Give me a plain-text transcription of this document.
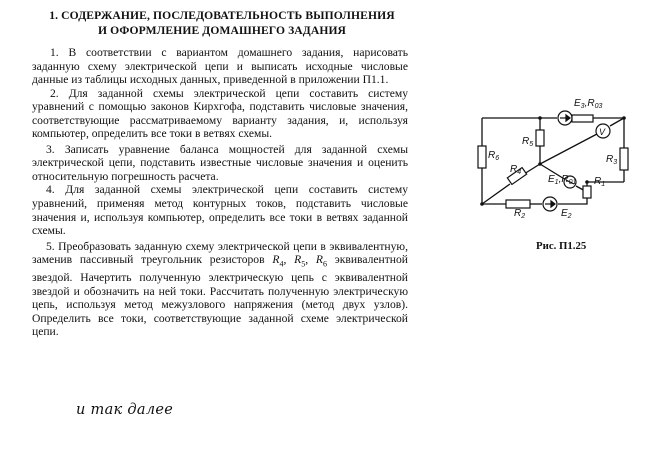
1. СОДЕРЖАНИЕ, ПОСЛЕДОВАТЕЛЬНОСТЬ ВЫПОЛНЕНИЯ
И ОФОРМЛЕНИЕ ДОМАШНЕГО ЗАДАНИЯ

1. В соответствии с вариантом домашнего задания, нарисовать заданную схему электрической цепи и выписать исходные числовые данные из таблицы исходных данных, приведенной в приложении П1.1.

2. Для заданной схемы электрической цепи составить систему уравнений с помощью законов Кирхгофа, подставить числовые значения, соответствующие рассматриваемому варианту задания, и, используя компьютер, определить все токи в ветвях схемы.

3. Записать уравнение баланса мощностей для заданной схемы электрической цепи, подставить известные числовые значения и оценить относительную погрешность расчета.

4. Для заданной схемы электрической цепи составить систему уравнений, применяя метод контурных токов, подставить числовые значения и, используя компьютер, определить все токи в ветвях заданной схемы.

5. Преобразовать заданную схему электрической цепи в эквивалентную, заменив пассивный треугольник резисторов $R_4$, $R_5$, $R_6$ эквивалентной звездой. Начертить полученную электрическую цепь с эквивалентной звездой и обозначить на ней токи. Рассчитать полученную электрическую цепь, используя метод межузлового напряжения (метод двух узлов). Определить все токи, соответствующие заданной схеме электрической цепи.

и так далее
$E_3,R_{03}$
$R_5$
$R_6$
V
$R_3$
$R_4$
$E_1,R_{01}$ $R_1$
$R_2$	$E_2$
Рис. П1.25
